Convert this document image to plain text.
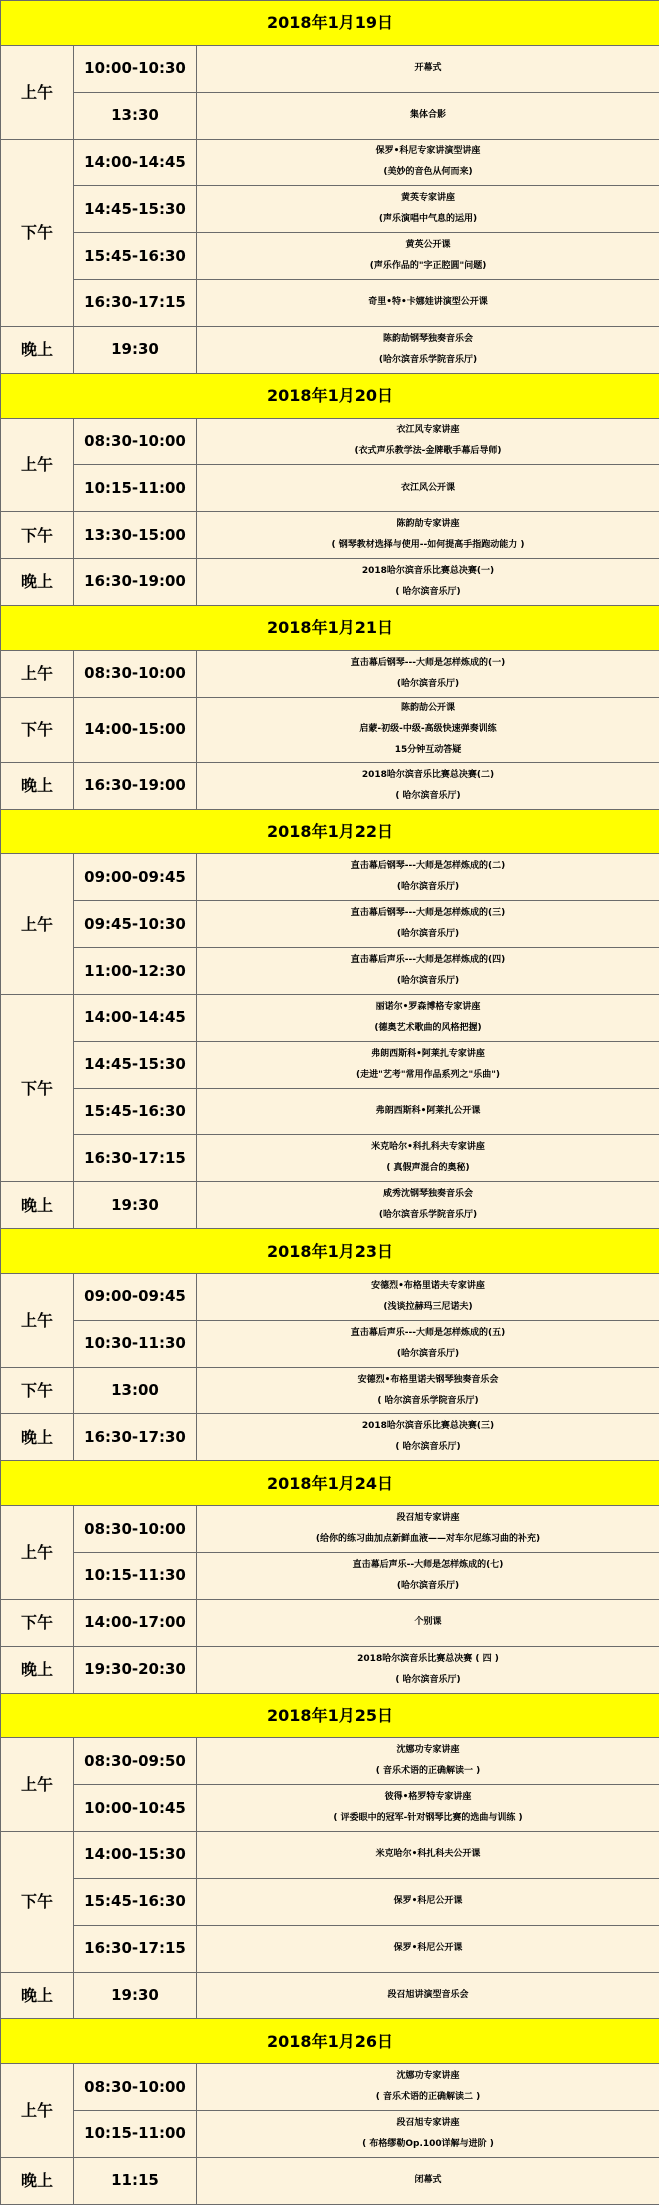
2018年1月19日		
上午	10:00-10:30	开幕式

	13:30	集体合影

下午	14:00-14:45	保罗•科尼专家讲演型讲座
(美妙的音色从何而来)

	14:45-15:30	黄英专家讲座
(声乐演唱中气息的运用)

	15:45-16:30	黄英公开课
(声乐作品的"字正腔圆"问题)

	16:30-17:15	奇里•特•卡娜娃讲演型公开课

晚上	19:30	陈韵劼钢琴独奏音乐会
(哈尔滨音乐学院音乐厅)

2018年1月20日		
上午	08:30-10:00	衣江风专家讲座
(衣式声乐教学法-金牌歌手幕后导师)

	10:15-11:00	衣江风公开课

下午	13:30-15:00	陈韵劼专家讲座
( 钢琴教材选择与使用--如何提高手指跑动能力 )

晚上	16:30-19:00	2018哈尔滨音乐比赛总决赛(一)
( 哈尔滨音乐厅)

2018年1月21日		
上午	08:30-10:00	直击幕后钢琴---大师是怎样炼成的(一)
(哈尔滨音乐厅)

下午	14:00-15:00	陈韵劼公开课
启蒙-初级-中级-高级快速弹奏训练
15分钟互动答疑

晚上	16:30-19:00	2018哈尔滨音乐比赛总决赛(二)
( 哈尔滨音乐厅)

2018年1月22日		
上午	09:00-09:45	直击幕后钢琴---大师是怎样炼成的(二)
(哈尔滨音乐厅)

	09:45-10:30	直击幕后钢琴---大师是怎样炼成的(三)
(哈尔滨音乐厅)

	11:00-12:30	直击幕后声乐---大师是怎样炼成的(四)
(哈尔滨音乐厅)

下午	14:00-14:45	丽诺尔•罗森博格专家讲座
(德奥艺术歌曲的风格把握)

	14:45-15:30	弗朗西斯科•阿莱扎专家讲座
(走进"艺考"常用作品系列之"乐曲")

	15:45-16:30	弗朗西斯科•阿莱扎公开课

	16:30-17:15	米克哈尔•科扎科夫专家讲座
( 真假声混合的奥秘)

晚上	19:30	咸秀沈钢琴独奏音乐会
(哈尔滨音乐学院音乐厅)

2018年1月23日		
上午	09:00-09:45	安德烈•布格里诺夫专家讲座
(浅谈拉赫玛三尼诺夫)

	10:30-11:30	直击幕后声乐---大师是怎样炼成的(五)
(哈尔滨音乐厅)

下午	13:00	安德烈•布格里诺夫钢琴独奏音乐会
( 哈尔滨音乐学院音乐厅)

晚上	16:30-17:30	2018哈尔滨音乐比赛总决赛(三)
( 哈尔滨音乐厅)

2018年1月24日		
上午	08:30-10:00	段召旭专家讲座
(给你的练习曲加点新鲜血液——对车尔尼练习曲的补充)

	10:15-11:30	直击幕后声乐--大师是怎样炼成的(七)
(哈尔滨音乐厅)

下午	14:00-17:00	个别课

晚上	19:30-20:30	2018哈尔滨音乐比赛总决赛 ( 四 )
( 哈尔滨音乐厅)

2018年1月25日		
上午	08:30-09:50	沈娜功专家讲座
( 音乐术语的正确解读一 )

	10:00-10:45	彼得•格罗特专家讲座
( 评委眼中的冠军-针对钢琴比赛的选曲与训练 )

下午	14:00-15:30	米克哈尔•科扎科夫公开课

	15:45-16:30	保罗•科尼公开课

	16:30-17:15	保罗•科尼公开课

晚上	19:30	段召旭讲演型音乐会

2018年1月26日		
上午	08:30-10:00	沈娜功专家讲座
( 音乐术语的正确解读二 )

	10:15-11:00	段召旭专家讲座
( 布格缪勒Op.100详解与进阶 )

晚上	11:15	闭幕式
